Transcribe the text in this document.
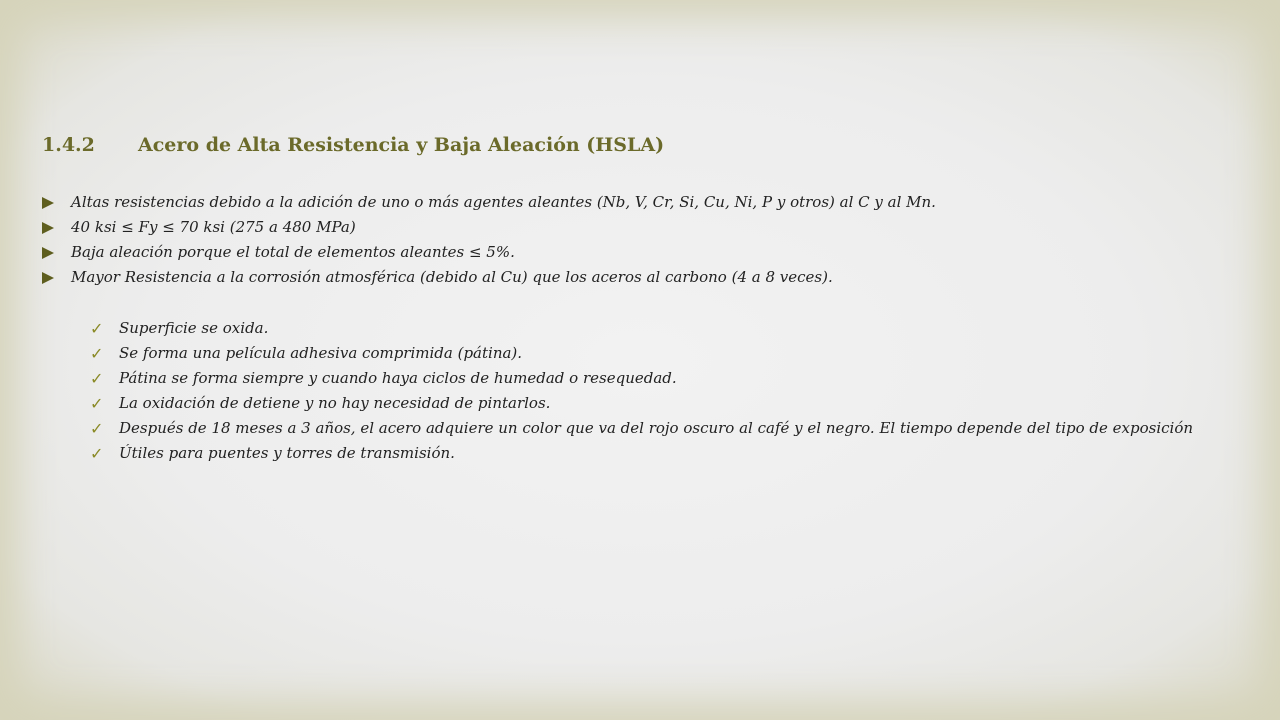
1.4.2 Acero de Alta Resistencia y Baja Aleación (HSLA)
Altas resistencias debido a la adición de uno o más agentes aleantes (Nb, V, Cr, Si, Cu, Ni, P y otros) al C y al Mn.
40 ksi ≤ Fy ≤ 70 ksi (275 a 480 MPa)
Baja aleación porque el total de elementos aleantes ≤ 5%.
Mayor Resistencia a la corrosión atmosférica (debido al Cu) que los aceros al carbono (4 a 8 veces).
✓ Superficie se oxida.
✓ Se forma una película adhesiva comprimida (pátina).
✓ Pátina se forma siempre y cuando haya ciclos de humedad o resequedad.
✓ La oxidación de detiene y no hay necesidad de pintarlos.
✓ Después de 18 meses a 3 años, el acero adquiere un color que va del rojo oscuro al café y el negro. El tiempo depende del tipo de exposición
✓ Útiles para puentes y torres de transmisión.
